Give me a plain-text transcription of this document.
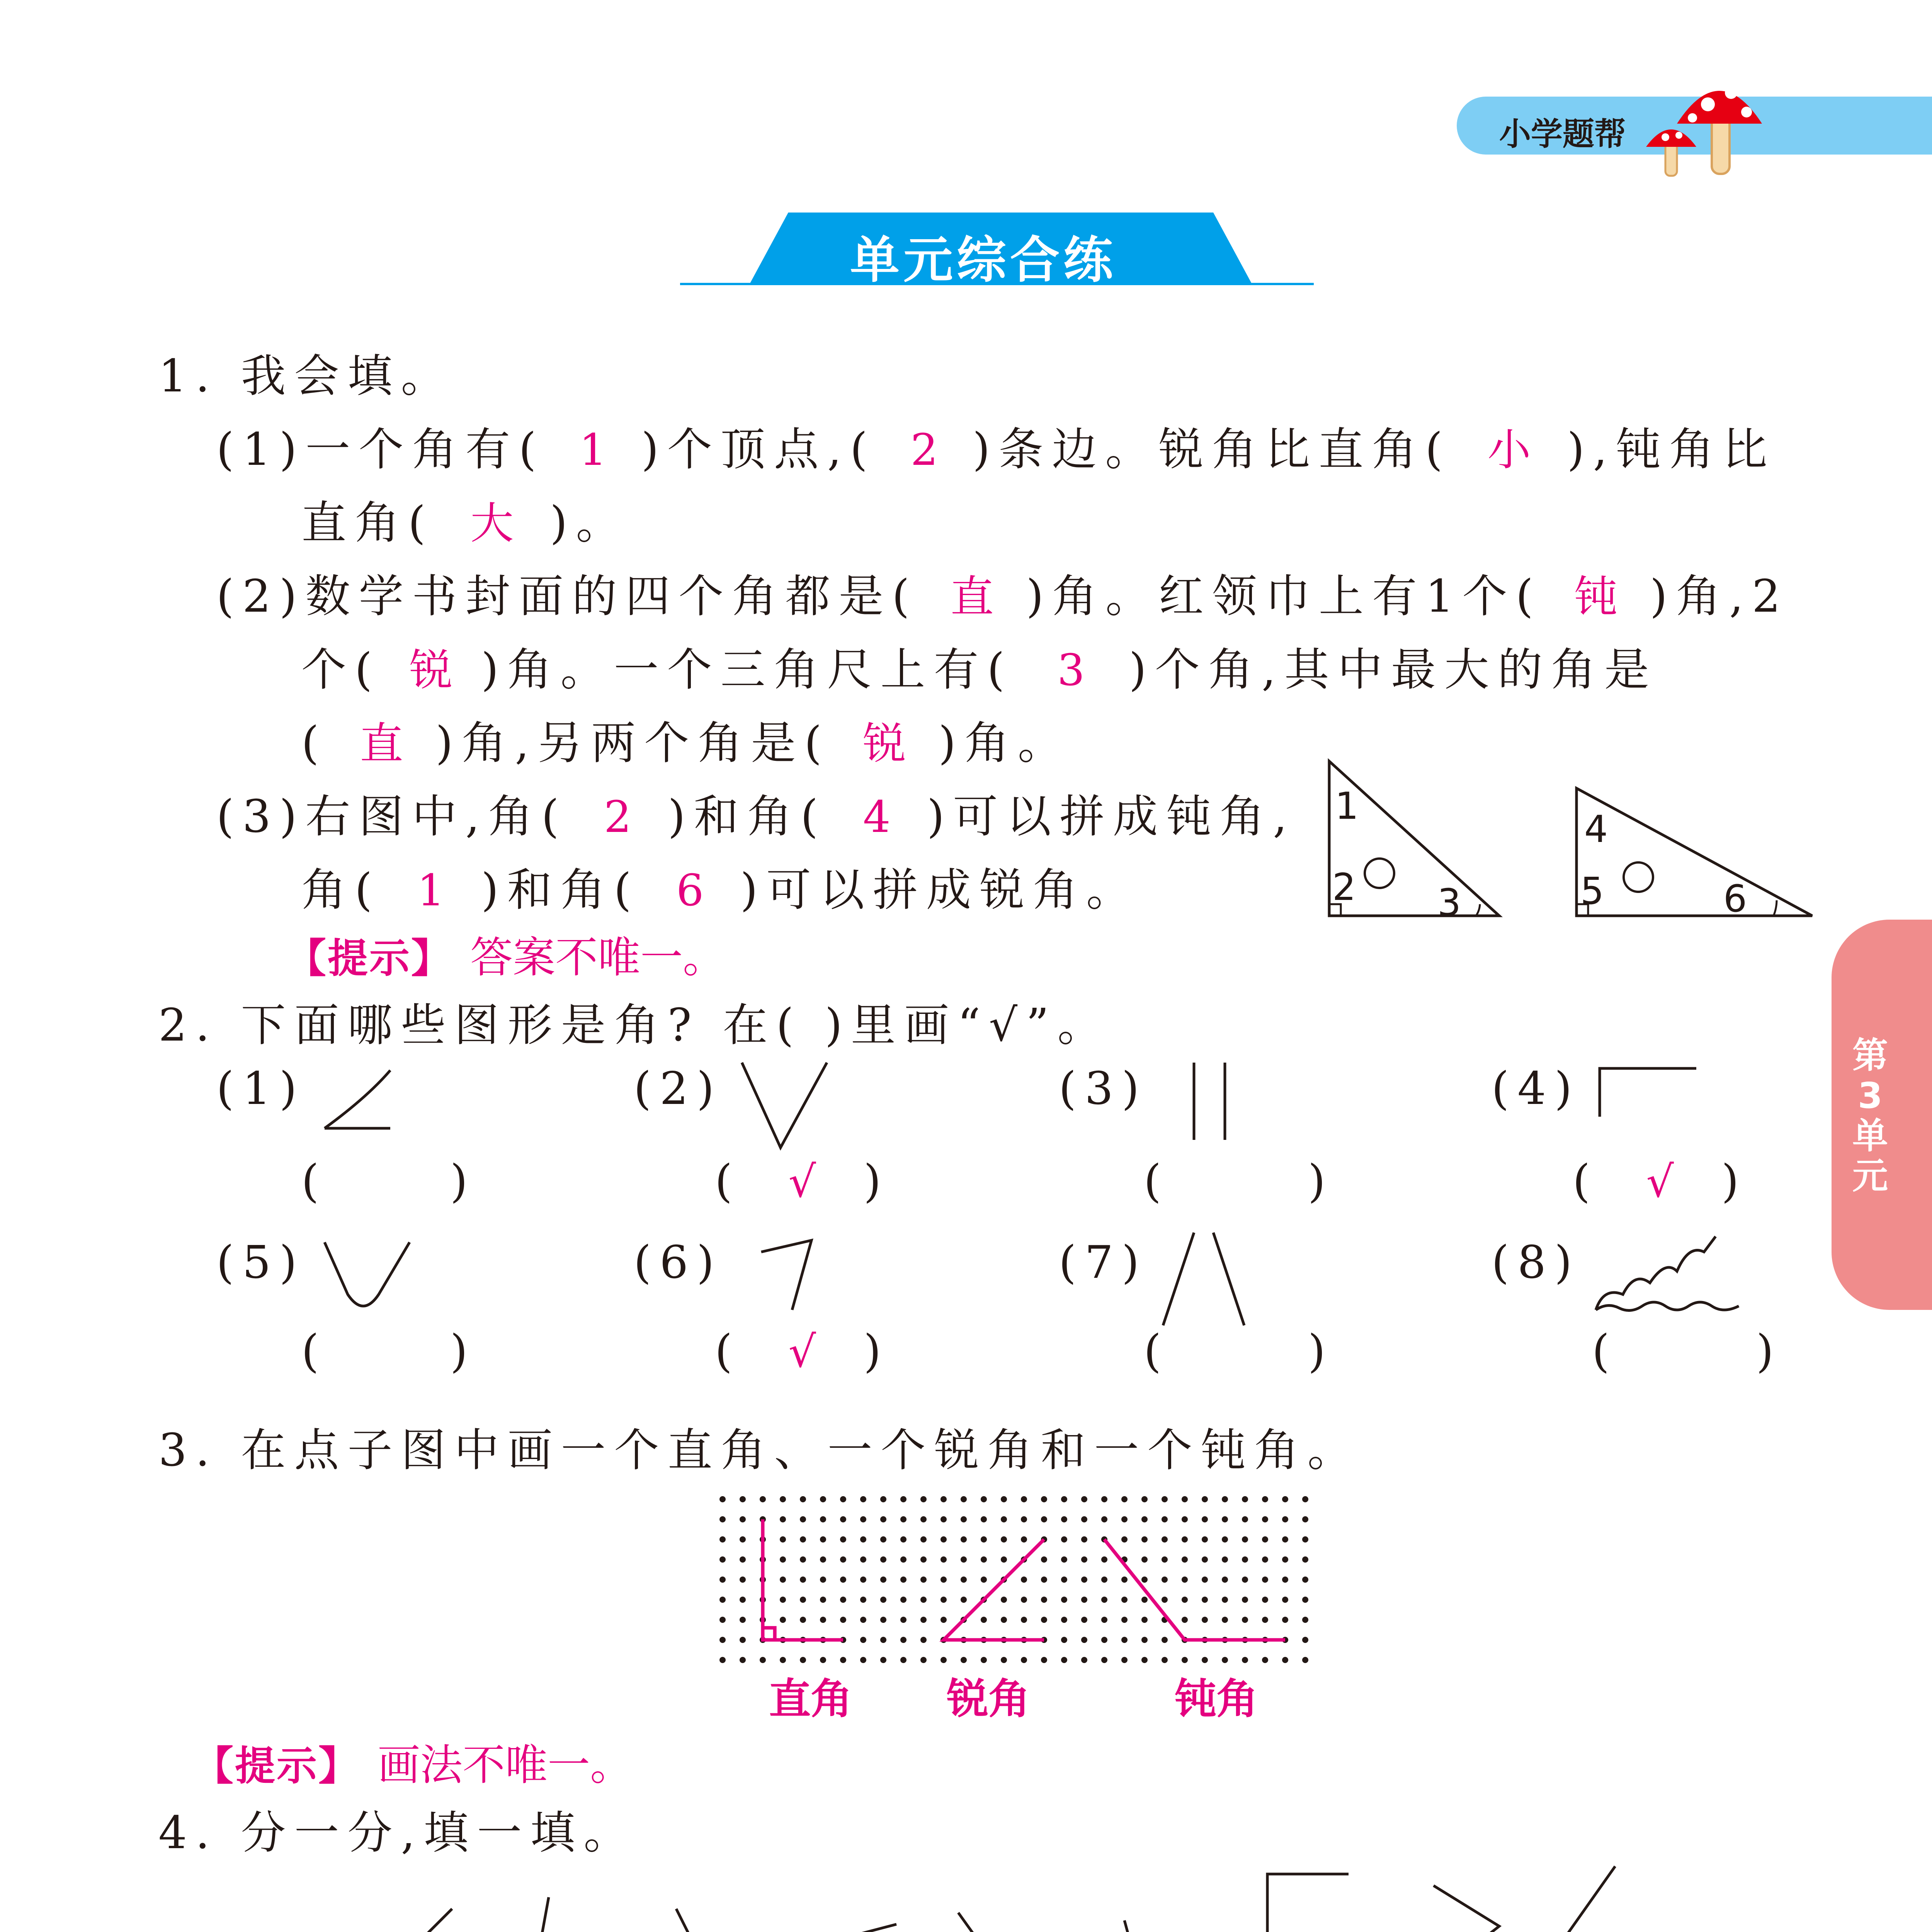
小学题帮
单元综合练
第
3
单
元
1. 我会填。
(1)一个角有( 1 )个顶点,( 2 )条边。锐角比直角( 小 ),钝角比
直角( 大 )。
(2)数学书封面的四个角都是( 直 )角。红领巾上有1个( 钝 )角,2
个( 锐 )角。一个三角尺上有( 3 )个角,其中最大的角是
( 直 )角,另两个角是( 锐 )角。
(3)右图中,角( 2 )和角( 4 )可以拼成钝角,
角( 1 )和角( 6 )可以拼成锐角。
【提示】 答案不唯一。
1
2 3
4
5	6
2. 下面哪些图形是角? 在( )里画“√”。
(1)	(2)	(3)	(4)
(  )	( √ )	(  )	( √ )
(5)	(6)	(7)	(8)
(  )	( √ )	(  )	(  )
3. 在点子图中画一个直角、一个锐角和一个钝角。
直角 锐角	钝角
【提示】 画法不唯一。
4. 分一分,填一填。
